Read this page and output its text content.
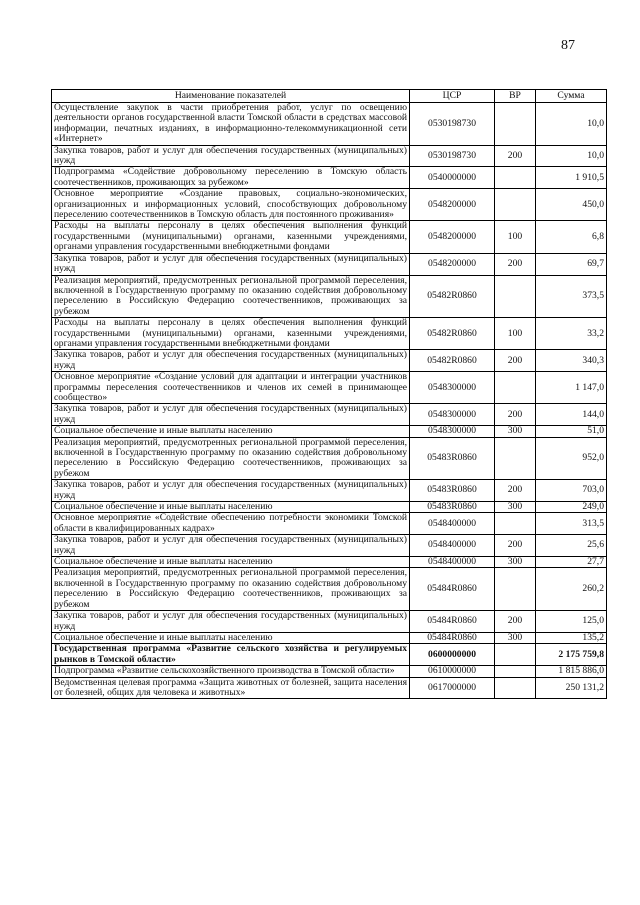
87
Наименование показателей	ЦСР	ВР	Сумма
Осуществление закупок в части приобретения работ, услуг по освещению деятельности органов государственной власти Томской области в средствах массовой информации, печатных изданиях, в информационно-телекоммуникационной сети «Интернет»	0530198730		10,0
Закупка товаров, работ и услуг для обеспечения государственных (муниципальных) нужд	0530198730	200	10,0
Подпрограмма «Содействие добровольному переселению в Томскую область соотечественников, проживающих за рубежом»	0540000000		1 910,5
Основное мероприятие «Создание правовых, социально-экономических, организационных и информационных условий, способствующих добровольному переселению соотечественников в Томскую область для постоянного проживания»	0548200000		450,0
Расходы на выплаты персоналу в целях обеспечения выполнения функций государственными (муниципальными) органами, казенными учреждениями, органами управления государственными внебюджетными фондами	0548200000	100	6,8
Закупка товаров, работ и услуг для обеспечения государственных (муниципальных) нужд	0548200000	200	69,7
Реализация мероприятий, предусмотренных региональной программой переселения, включенной в Государственную программу по оказанию содействия добровольному переселению в Российскую Федерацию соотечественников, проживающих за рубежом	05482R0860		373,5
Расходы на выплаты персоналу в целях обеспечения выполнения функций государственными (муниципальными) органами, казенными учреждениями, органами управления государственными внебюджетными фондами	05482R0860	100	33,2
Закупка товаров, работ и услуг для обеспечения государственных (муниципальных) нужд	05482R0860	200	340,3
Основное мероприятие «Создание условий для адаптации и интеграции участников программы переселения соотечественников и членов их семей в принимающее сообщество»	0548300000		1 147,0
Закупка товаров, работ и услуг для обеспечения государственных (муниципальных) нужд	0548300000	200	144,0
Социальное обеспечение и иные выплаты населению	0548300000	300	51,0
Реализация мероприятий, предусмотренных региональной программой переселения, включенной в Государственную программу по оказанию содействия добровольному переселению в Российскую Федерацию соотечественников, проживающих за рубежом	05483R0860		952,0
Закупка товаров, работ и услуг для обеспечения государственных (муниципальных) нужд	05483R0860	200	703,0
Социальное обеспечение и иные выплаты населению	05483R0860	300	249,0
Основное мероприятие «Содействие обеспечению потребности экономики Томской области в квалифицированных кадрах»	0548400000		313,5
Закупка товаров, работ и услуг для обеспечения государственных (муниципальных) нужд	0548400000	200	25,6
Социальное обеспечение и иные выплаты населению	0548400000	300	27,7
Реализация мероприятий, предусмотренных региональной программой переселения, включенной в Государственную программу по оказанию содействия добровольному переселению в Российскую Федерацию соотечественников, проживающих за рубежом	05484R0860		260,2
Закупка товаров, работ и услуг для обеспечения государственных (муниципальных) нужд	05484R0860	200	125,0
Социальное обеспечение и иные выплаты населению	05484R0860	300	135,2
Государственная программа «Развитие сельского хозяйства и регулируемых рынков в Томской области»	0600000000		2 175 759,8
Подпрограмма «Развитие сельскохозяйственного производства в Томской области»	0610000000		1 815 886,0
Ведомственная целевая программа «Защита животных от болезней, защита населения от болезней, общих для человека и животных»	0617000000		250 131,2
